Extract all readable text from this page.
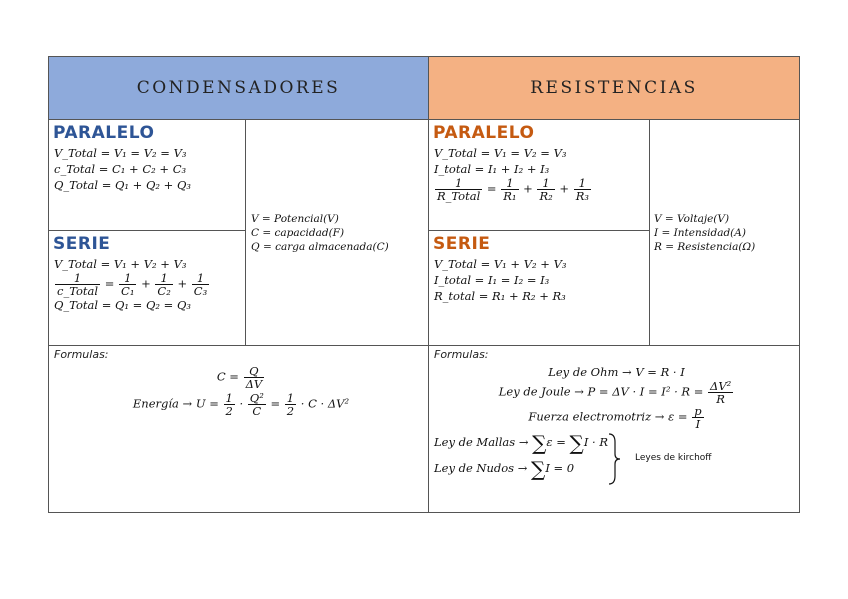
CONDENSADORES	RESISTENCIAS
PARALELO
V_Total = V₁ = V₂ = V₃
c_Total = C₁ + C₂ + C₃
Q_Total = Q₁ + Q₂ + Q₃
SERIE
V_Total = V₁ + V₂ + V₃
$\frac{1}{\text{c\_Total}} = \frac{1}{\text{C₁}} + \frac{1}{\text{C₂}} + \frac{1}{\text{C₃}}$
Q_Total = Q₁ = Q₂ = Q₃
V = Potencial(V)
C = capacidad(F)
Q = carga almacenada(C)
Formulas:
$C = \frac{Q}{\Delta V}$
Energía → $U = \frac{1}{2} \cdot \frac{\text{Q²}}{C} = \frac{1}{2} \cdot C \cdot \Delta V^2$
PARALELO
V_Total = V₁ = V₂ = V₃
I_total = I₁ + I₂ + I₃
$\frac{1}{\text{R\_Total}} = \frac{1}{\text{R₁}} + \frac{1}{\text{R₂}} + \frac{1}{\text{R₃}}$
SERIE
V_Total = V₁ + V₂ + V₃
I_total = I₁ = I₂ = I₃
R_total = R₁ + R₂ + R₃
V = Voltaje(V)
I = Intensidad(A)
R = Resistencia(Ω)
Formulas:
Ley de Ohm → V = R · I
Ley de Joule → $P = \Delta V \cdot I = I^2 \cdot R = \frac{\text{ΔV²}}{R}$
Fuerza electromotriz → $\varepsilon = \frac{p}{I}$
Ley de Mallas → ∑ε = ∑I · R
Ley de Nudos → ∑I = 0
Leyes de kirchoff
